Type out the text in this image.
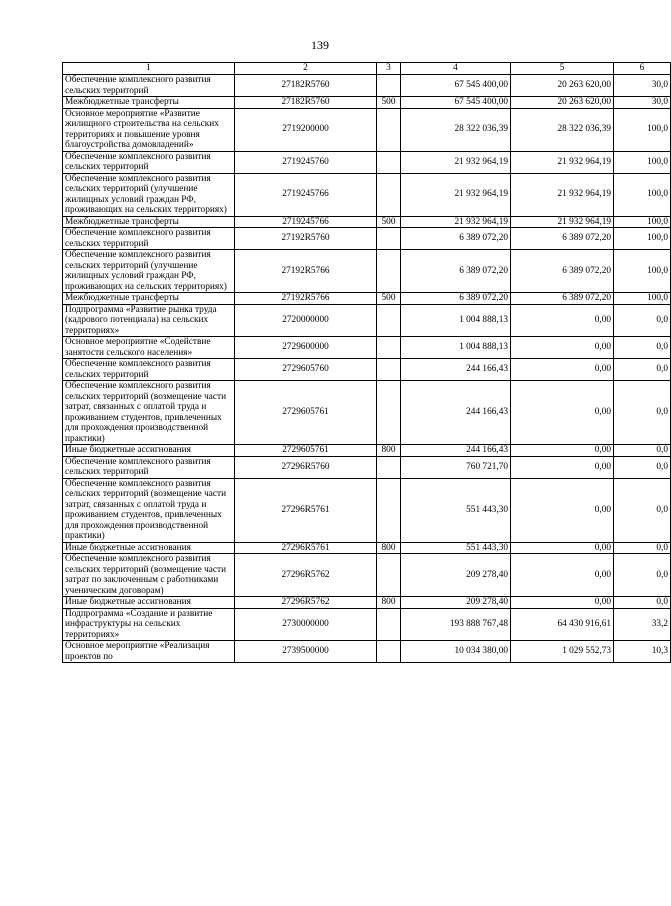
139
1	2	3	4	5	6
Обеспечение комплексного развития сельских территорий	27182R5760		67 545 400,00	20 263 620,00	30,0
Межбюджетные трансферты	27182R5760	500	67 545 400,00	20 263 620,00	30,0
Основное мероприятие «Развитие жилищного строительства на сельских территориях и повышение уровня благоустройства домовладений»	2719200000		28 322 036,39	28 322 036,39	100,0
Обеспечение комплексного развития сельских территорий	2719245760		21 932 964,19	21 932 964,19	100,0
Обеспечение комплексного развития сельских территорий (улучшение жилищных условий граждан РФ, проживающих на сельских территориях)	2719245766		21 932 964,19	21 932 964,19	100,0
Межбюджетные трансферты	2719245766	500	21 932 964,19	21 932 964,19	100,0
Обеспечение комплексного развития сельских территорий	27192R5760		6 389 072,20	6 389 072,20	100,0
Обеспечение комплексного развития сельских территорий (улучшение жилищных условий граждан РФ, проживающих на сельских территориях)	27192R5766		6 389 072,20	6 389 072,20	100,0
Межбюджетные трансферты	27192R5766	500	6 389 072,20	6 389 072,20	100,0
Подпрограмма «Развитие рынка труда (кадрового потенциала) на сельских территориях»	2720000000		1 004 888,13	0,00	0,0
Основное мероприятие «Содействие занятости сельского населения»	2729600000		1 004 888,13	0,00	0,0
Обеспечение комплексного развития сельских территорий	2729605760		244 166,43	0,00	0,0
Обеспечение комплексного развития сельских территорий (возмещение части затрат, связанных с оплатой труда и проживанием студентов, привлеченных для прохождения производственной практики)	2729605761		244 166,43	0,00	0,0
Иные бюджетные ассигнования	2729605761	800	244 166,43	0,00	0,0
Обеспечение комплексного развития сельских территорий	27296R5760		760 721,70	0,00	0,0
Обеспечение комплексного развития сельских территорий (возмещение части затрат, связанных с оплатой труда и проживанием студентов, привлеченных для прохождения производственной практики)	27296R5761		551 443,30	0,00	0,0
Иные бюджетные ассигнования	27296R5761	800	551 443,30	0,00	0,0
Обеспечение комплексного развития сельских территорий (возмещение части затрат по заключенным с работниками ученическим договорам)	27296R5762		209 278,40	0,00	0,0
Иные бюджетные ассигнования	27296R5762	800	209 278,40	0,00	0,0
Подпрограмма «Создание и развитие инфраструктуры на сельских территориях»	2730000000		193 888 767,48	64 430 916,61	33,2
Основное мероприятие «Реализация проектов по	2739500000		10 034 380,00	1 029 552,73	10,3
